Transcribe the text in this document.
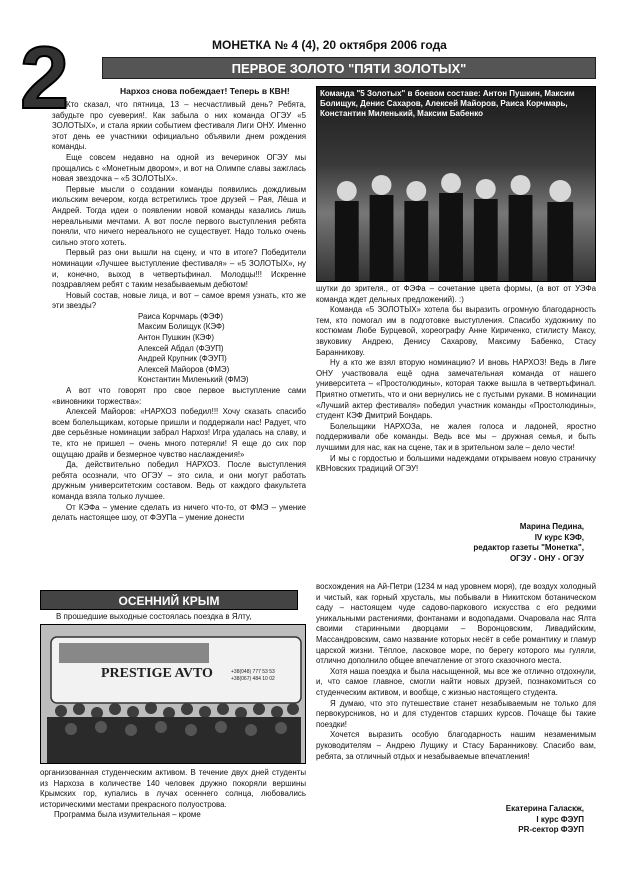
2	МОНЕТКА № 4 (4), 20 октября 2006 года
ПЕРВОЕ ЗОЛОТО "ПЯТИ ЗОЛОТЫХ"
Нархоз снова побеждает! Теперь в КВН!

Кто сказал, что пятница, 13 – несчастливый день? Ребята, забудьте про суеверия!. Как забыла о них команда ОГЭУ «5 ЗОЛОТЫХ», и стала яркии событием фестиваля Лиги ОНУ. Именно этот день ее участники официально объявили днем рождения команды.

Еще совсем недавно на одной из вечеринок ОГЭУ мы прощались с «Монетным двором», и вот на Олимпе славы зажглась новая звездочка – «5 ЗОЛОТЫХ».

Первые мысли о создании команды появились дождливым июльским вечером, когда встретились трое друзей – Рая, Лёша и Андрей. Тогда идеи о появлении новой команды казались лишь нереальными мечтами. А вот после первого выступления ребята поняли, что ничего нереального не существует. Надо только очень сильно этого хотеть.

Первый раз они вышли на сцену, и что в итоге? Победители номинации «Лучшее выступление фестиваля» – «5 ЗОЛОТЫХ», ну и, конечно, выход в четвертьфинал. Молодцы!!! Искренне поздравляем ребят с таким незабываемым дебютом!

Новый состав, новые лица, и вот – самое время узнать, кто же эти звезды?

Раиса Корчмарь (ФЭФ)

Максим Болищук (КЭФ)

Антон Пушкин (КЭФ)

Алексей Абдал (ФЭУП)

Андрей Крупник (ФЭУП)

Алексей Майоров (ФМЭ)

Константин Миленький (ФМЭ)

А вот что говорят про свое первое выступление сами «виновники торжества»:

Алексей Майоров: «НАРХОЗ победил!!! Хочу сказать спасибо всем болельщикам, которые пришли и поддержали нас! Радует, что две серьёзные номинации забрал Нархоз! Игра удалась на славу, и те, кто не пришел – очень много потеряли! Я еще до сих пор ощущаю драйв и безмерное чувство наслаждения!»

Да, действительно победил НАРХОЗ. После выступления ребята осознали, что ОГЭУ – это сила, и они могут работать дружным университетским составом. Ведь от каждого факультета команда взяла только лучшее.

От КЭФа – умение сделать из ничего что-то, от ФМЭ – умение делать настоящее шоу, от ФЭУПа – умение донести

Команда "5 Золотых" в боевом составе: Антон Пушкин, Максим Болищук, Денис Сахаров, Алексей Майоров, Раиса Корчмарь, Константин Миленький, Максим Бабенко

шутки до зрителя., от ФЭФа – сочетание цвета формы, (а вот от УЭФа команда ждет дельных предложений). :)

Команда «5 ЗОЛОТЫХ» хотела бы выразить огромную благодарность тем, кто помогал им в подготовке выступления. Спасибо художнику по костюмам Любе Бурцевой, хореографу Анне Кириченко, стилисту Максу, звуковику Андрею, Денису Сахарову, Максиму Бабенко, Стасу Баранникову.

Ну а кто же взял вторую номинацию? И вновь НАРХОЗ! Ведь в Лиге ОНУ участвовала ещё одна замечательная команда от нашего университета – «Простолюдины», которая также вышла в четвертьфинал. Приятно отметить, что и они вернулись не с пустыми руками. В номинации «Лучший актер фестиваля» победил участник команды «Простолюдины», студент КЭФ Дмитрий Бондарь.

Болельщики НАРХОЗа, не жалея голоса и ладоней, яростно поддерживали обе команды. Ведь все мы – дружная семья, и быть лучшими для нас, как на сцене, так и в зрительном зале – дело чести!

И мы с гордостью и большими надеждами открываем новую страничку КВНовских традиций ОГЭУ!

Марина Педина,
IV курс КЭФ,
редактор газеты "Монетка",
ОГЭУ - ОНУ - ОГЭУ
ОСЕННИЙ КРЫМ
В прошедшие выходные состоялась поездка в Ялту,
PRESTIGE AVTO	+38(048) 777 53 53
+38(067) 484 10 02

организованная студенческим активом. В течение двух дней студенты из Нархоза в количестве 140 человек дружно покоряли вершины Крымских гор, купались в лучах осеннего солнца, любовались историческими местами прекрасного полуострова.

Программа была изумительная – кроме

восхождения на Ай-Петри (1234 м над уровнем моря), где воздух холодный и чистый, как горный хрусталь, мы побывали в Никитском ботаническом саду – настоящем чуде садово-паркового искусства с его редкими уникальными растениями, фонтанами и водопадами. Очаровала нас Ялта своими старинными дворцами – Воронцовским, Ливадийским, Массандровским, само название которых несёт в себе романтику и гламур царской жизни. Тёплое, ласковое море, по берегу которого мы гуляли, отлично дополнило общее впечатление от этого сказочного места.

Хотя наша поездка и была насыщенной, мы все же отлично отдохнули, и, что самое главное, смогли найти новых друзей, познакомиться со студенческим активом, и вообще, с жизнью настоящего студента.

Я думаю, что это путешествие станет незабываемым не только для первокурсников, но и для студентов старших курсов. Почаще бы такие поездки!

Хочется выразить особую благодарность нашим незаменимым руководителям – Андрею Лущику и Стасу Баранникову. Спасибо вам, ребята, за отличный отдых и незабываемые впечатления!

Екатерина Галаскж,
I курс ФЭУП
PR-сектор ФЭУП
